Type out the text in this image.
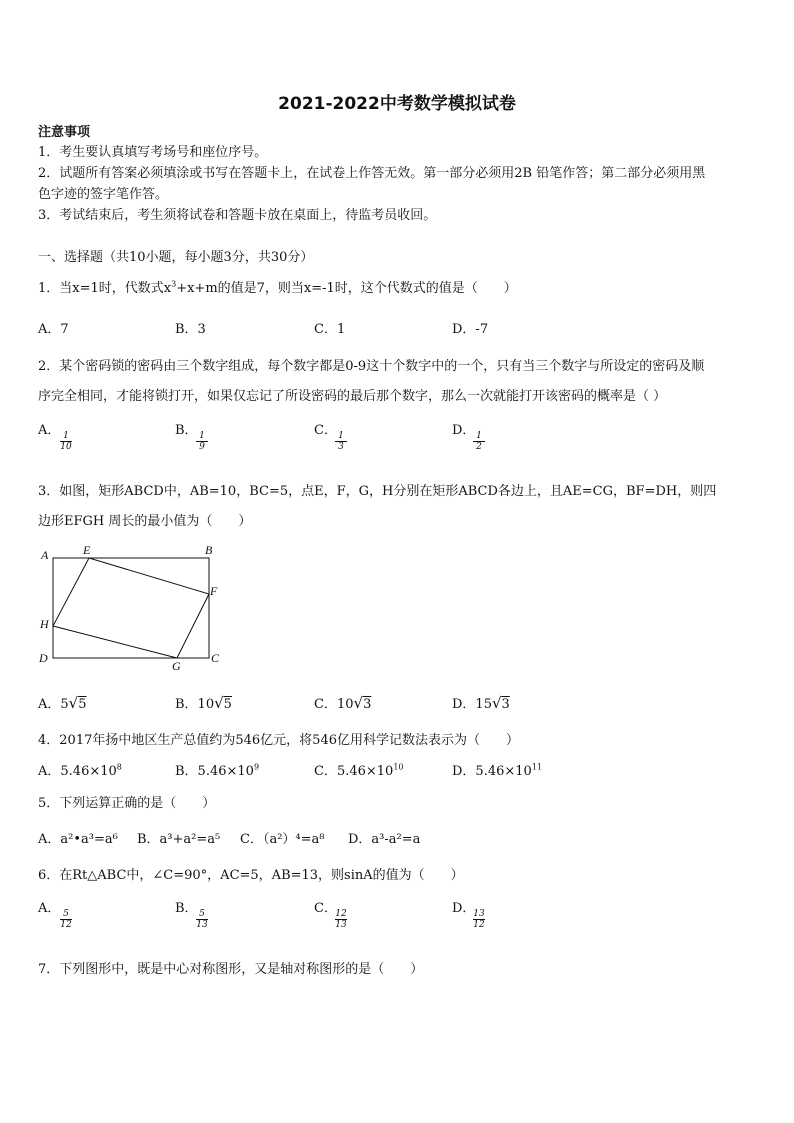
2021-2022中考数学模拟试卷
注意事项
1．考生要认真填写考场号和座位序号。
2．试题所有答案必须填涂或书写在答题卡上，在试卷上作答无效。第一部分必须用2B 铅笔作答；第二部分必须用黑
色字迹的签字笔作答。
3．考试结束后，考生须将试卷和答题卡放在桌面上，待监考员收回。
一、选择题（共10小题，每小题3分，共30分）
1．当x=1时，代数式$x^3+x+m$的值是7，则当x=-1时，这个代数式的值是（　　）
A．7	B．3	C．1	D．-7
2．某个密码锁的密码由三个数字组成，每个数字都是0-9这十个数字中的一个，只有当三个数字与所设定的密码及顺
序完全相同，才能将锁打开，如果仅忘记了所设密码的最后那个数字，那么一次就能打开该密码的概率是（ ）
A．
$\frac{1}{10}$
B．
$\frac{1}{9}$
C．
$\frac{1}{3}$
D．
$\frac{1}{2}$
3．如图，矩形ABCD中，AB=10，BC=5，点E，F，G，H分别在矩形ABCD各边上，且AE=CG，BF=DH，则四
边形EFGH 周长的最小值为（　　）
A	E	B
F
H
D
G
C
A．5√5	B．10√5	C．10√3	D．15√3
4．2017年扬中地区生产总值约为546亿元，将546亿用科学记数法表示为（　　）
A．$5.46\times 10^8$	B．$5.46\times 10^9$	C．$5.46\times 10^{10}$	D．$5.46\times 10^{11}$
5．下列运算正确的是（　　）
A．a²•a³=a⁶ B．a³+a²=a⁵ C．（a²）⁴=a⁸ D．a³-a²=a
6．在Rt△ABC中，∠C=90°，AC=5，AB=13，则sinA的值为（　　）
A．
$\frac{5}{12}$
B．
$\frac{5}{13}$
C．
$\frac{12}{13}$
D．
$\frac{13}{12}$
7．下列图形中，既是中心对称图形，又是轴对称图形的是（　　）
